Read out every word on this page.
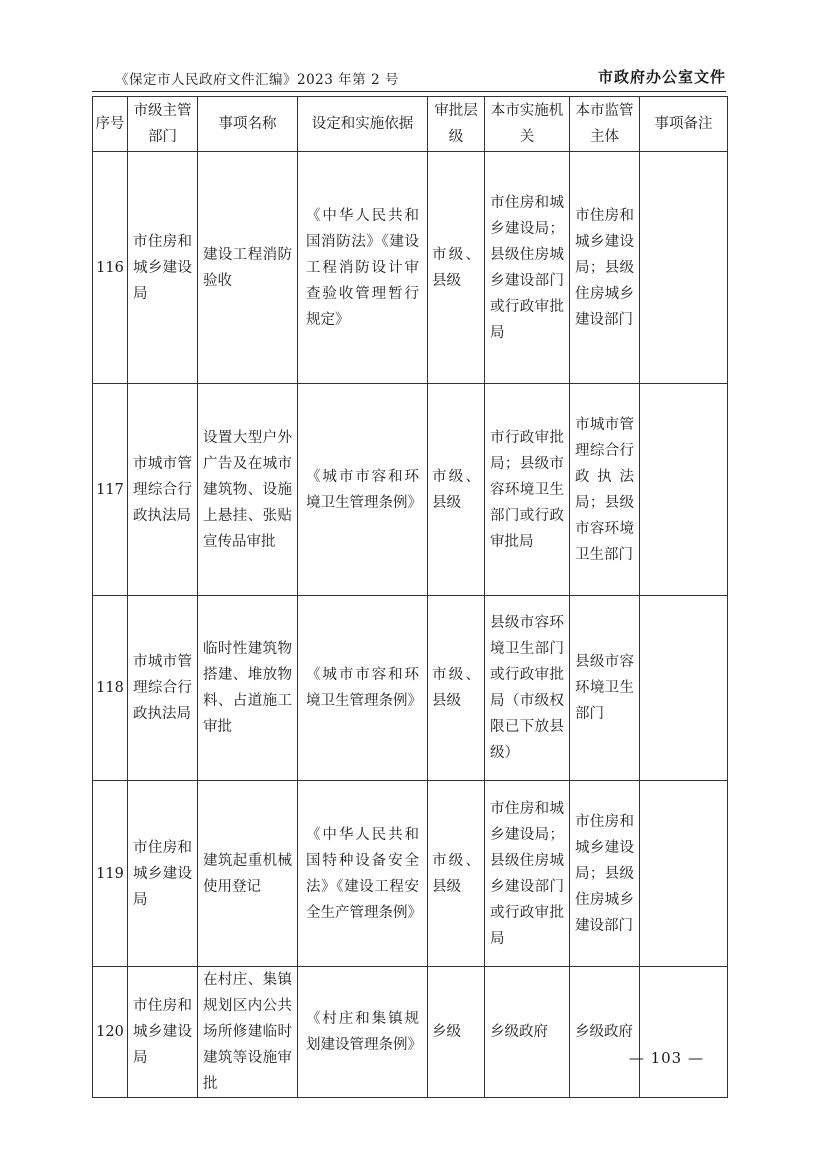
《保定市人民政府文件汇编》2023 年第 2 号	市政府办公室文件
序号	市级主管部门	事项名称	设定和实施依据	审批层级	本市实施机关	本市监管主体	事项备注
116	市住房和城乡建设局	建设工程消防验收	《中华人民共和国消防法》《建设工程消防设计审查验收管理暂行规定》	市级、县级	市住房和城乡建设局；县级住房城乡建设部门或行政审批局	市住房和城乡建设局；县级住房城乡建设部门	
117	市城市管理综合行政执法局	设置大型户外广告及在城市建筑物、设施上悬挂、张贴宣传品审批	《城市市容和环境卫生管理条例》	市级、县级	市行政审批局；县级市容环境卫生部门或行政审批局	市城市管理综合行政执法局；县级市容环境卫生部门	
118	市城市管理综合行政执法局	临时性建筑物搭建、堆放物料、占道施工审批	《城市市容和环境卫生管理条例》	市级、县级	县级市容环境卫生部门或行政审批局（市级权限已下放县级）	县级市容环境卫生部门	
119	市住房和城乡建设局	建筑起重机械使用登记	《中华人民共和国特种设备安全法》《建设工程安全生产管理条例》	市级、县级	市住房和城乡建设局；县级住房城乡建设部门或行政审批局	市住房和城乡建设局；县级住房城乡建设部门	
120	市住房和城乡建设局	在村庄、集镇规划区内公共场所修建临时建筑等设施审批	《村庄和集镇规划建设管理条例》	乡级	乡级政府	乡级政府	
— 103 —
